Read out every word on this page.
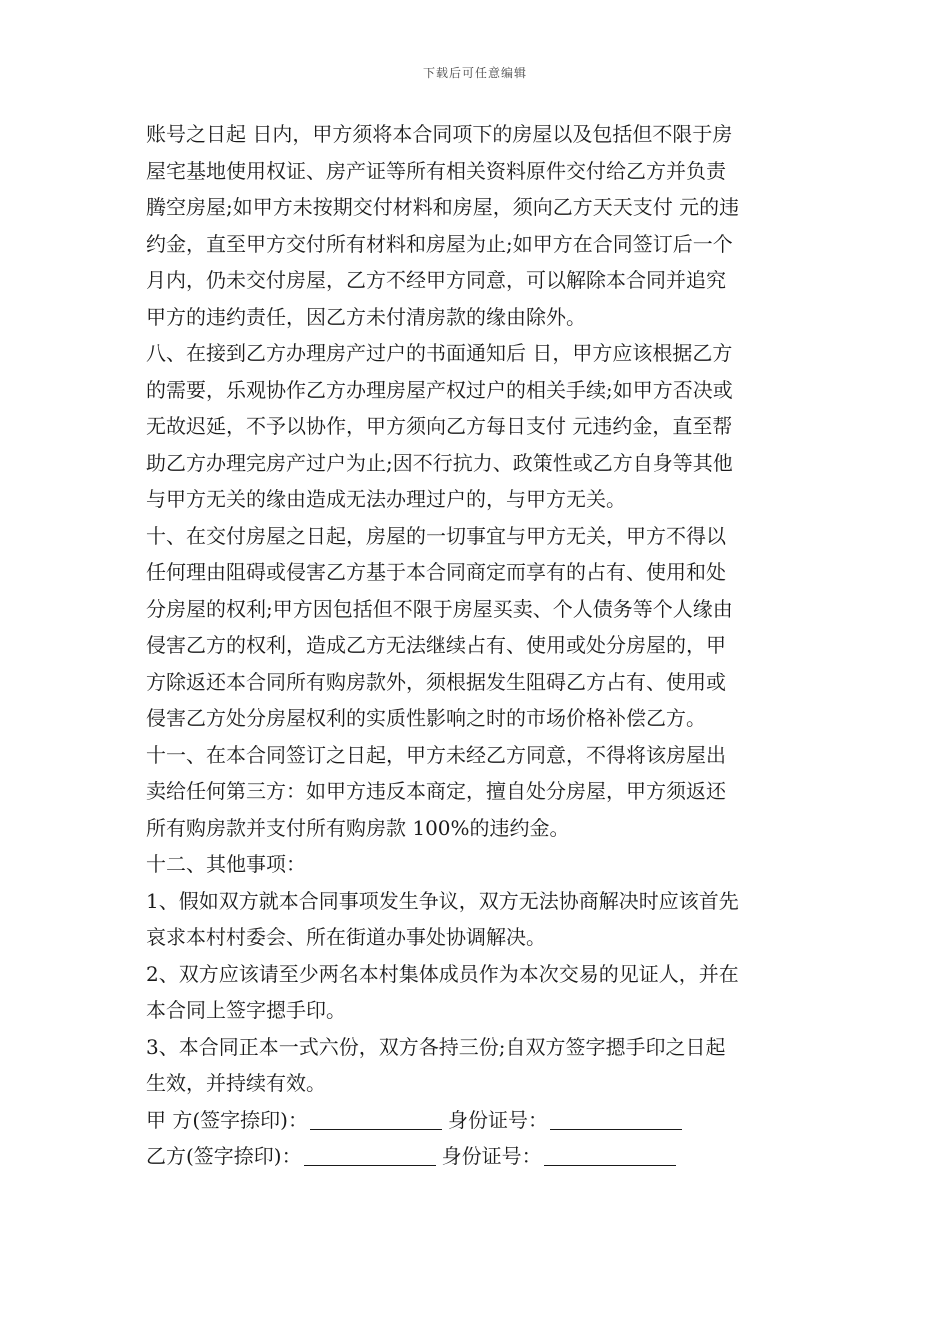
下载后可任意编辑

账号之日起 日内，甲方须将本合同项下的房屋以及包括但不限于房

屋宅基地使用权证、房产证等所有相关资料原件交付给乙方并负责

腾空房屋;如甲方未按期交付材料和房屋，须向乙方天天支付 元的违

约金，直至甲方交付所有材料和房屋为止;如甲方在合同签订后一个

月内，仍未交付房屋，乙方不经甲方同意，可以解除本合同并追究

甲方的违约责任，因乙方未付清房款的缘由除外。

八、在接到乙方办理房产过户的书面通知后 日，甲方应该根据乙方

的需要，乐观协作乙方办理房屋产权过户的相关手续;如甲方否决或

无故迟延，不予以协作，甲方须向乙方每日支付 元违约金，直至帮

助乙方办理完房产过户为止;因不行抗力、政策性或乙方自身等其他

与甲方无关的缘由造成无法办理过户的，与甲方无关。

十、在交付房屋之日起，房屋的一切事宜与甲方无关，甲方不得以

任何理由阻碍或侵害乙方基于本合同商定而享有的占有、使用和处

分房屋的权利;甲方因包括但不限于房屋买卖、个人债务等个人缘由

侵害乙方的权利，造成乙方无法继续占有、使用或处分房屋的，甲

方除返还本合同所有购房款外，须根据发生阻碍乙方占有、使用或

侵害乙方处分房屋权利的实质性影响之时的市场价格补偿乙方。

十一、在本合同签订之日起，甲方未经乙方同意，不得将该房屋出

卖给任何第三方：如甲方违反本商定，擅自处分房屋，甲方须返还

所有购房款并支付所有购房款 100%的违约金。

十二、其他事项：

1、假如双方就本合同事项发生争议，双方无法协商解决时应该首先

哀求本村村委会、所在街道办事处协调解决。

2、双方应该请至少两名本村集体成员作为本次交易的见证人，并在

本合同上签字摁手印。

3、本合同正本一式六份，双方各持三份;自双方签字摁手印之日起

生效，并持续有效。

甲 方(签字捺印)：	身份证号：

乙方(签字捺印)：	身份证号：
